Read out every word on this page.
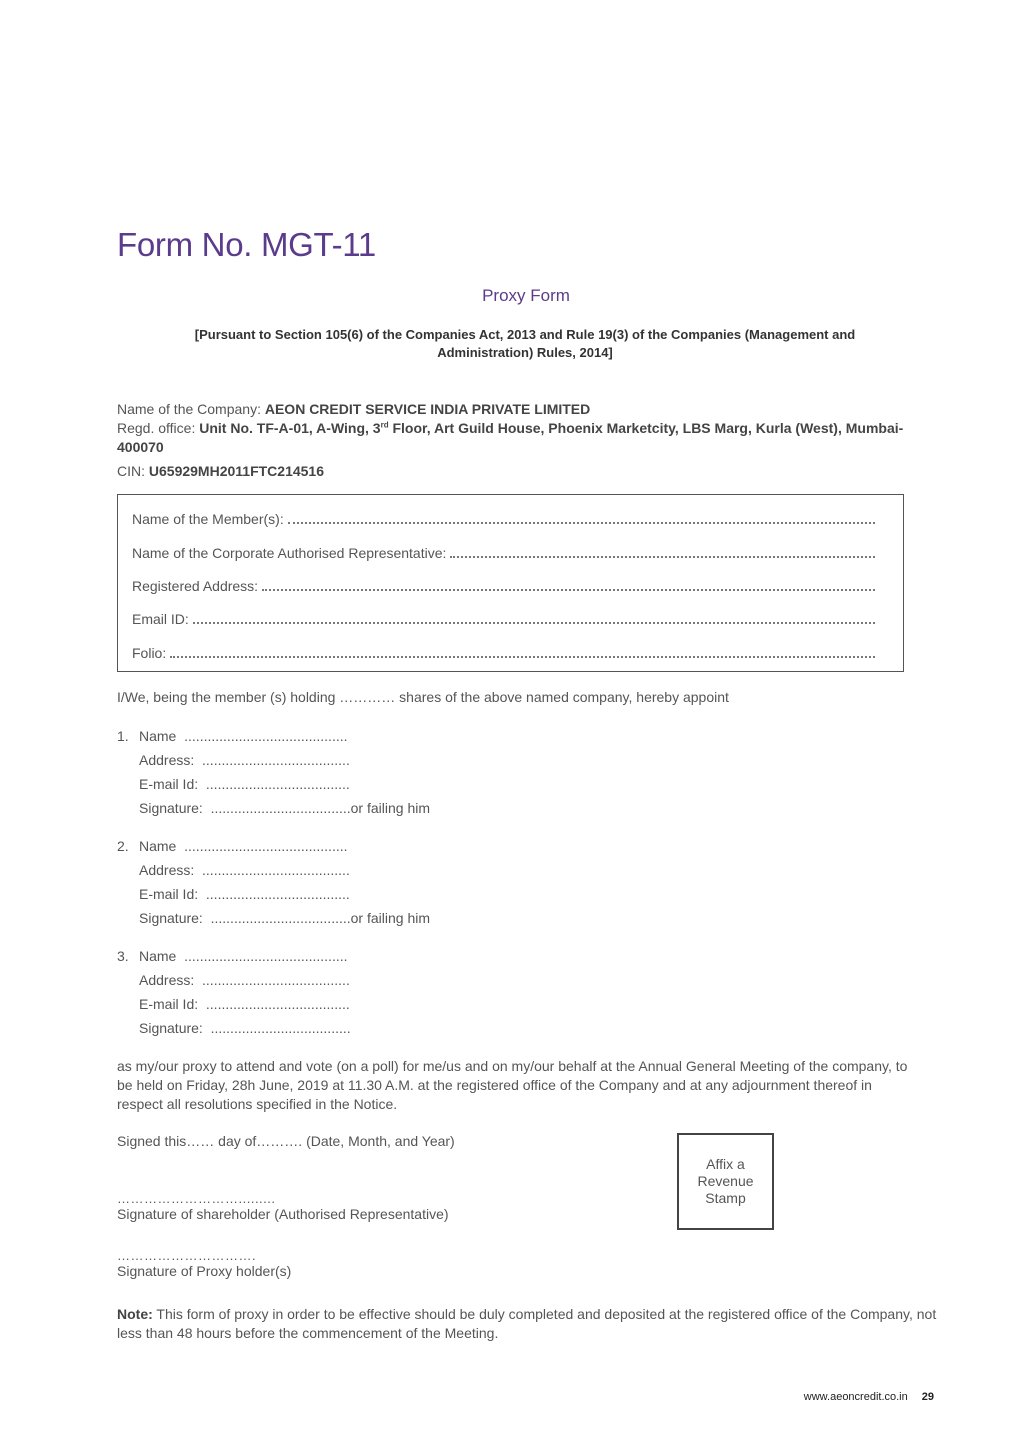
Form No. MGT-11
Proxy Form
[Pursuant to Section 105(6) of the Companies Act, 2013 and Rule 19(3) of the Companies (Management and
Administration) Rules, 2014]
Name of the Company: AEON CREDIT SERVICE INDIA PRIVATE LIMITED
Regd. office: Unit No. TF-A-01, A-Wing, 3rd Floor, Art Guild House, Phoenix Marketcity, LBS Marg, Kurla (West), Mumbai- 400070
CIN: U65929MH2011FTC214516
Name of the Member(s):
Name of the Corporate Authorised Representative:
Registered Address:
Email ID:
Folio:
I/We, being the member (s) holding ………… shares of the above named company, hereby appoint
1. Name ..........................................
Address: ......................................
E-mail Id: .....................................
Signature: ....................................or failing him
2. Name ..........................................
Address: ......................................
E-mail Id: .....................................
Signature: ....................................or failing him
3. Name ..........................................
Address: ......................................
E-mail Id: .....................................
Signature: ....................................
as my/our proxy to attend and vote (on a poll) for me/us and on my/our behalf at the Annual General Meeting of the company, to be held on Friday, 28h June, 2019 at 11.30 A.M. at the registered office of the Company and at any adjournment thereof in respect all resolutions specified in the Notice.
Signed this…… day of………. (Date, Month, and Year)
Affix a
Revenue
Stamp
……………………….........
Signature of shareholder (Authorised Representative)
………………………….
Signature of Proxy holder(s)
Note: This form of proxy in order to be effective should be duly completed and deposited at the registered office of the Company, not less than 48 hours before the commencement of the Meeting.
www.aeoncredit.co.in 29
